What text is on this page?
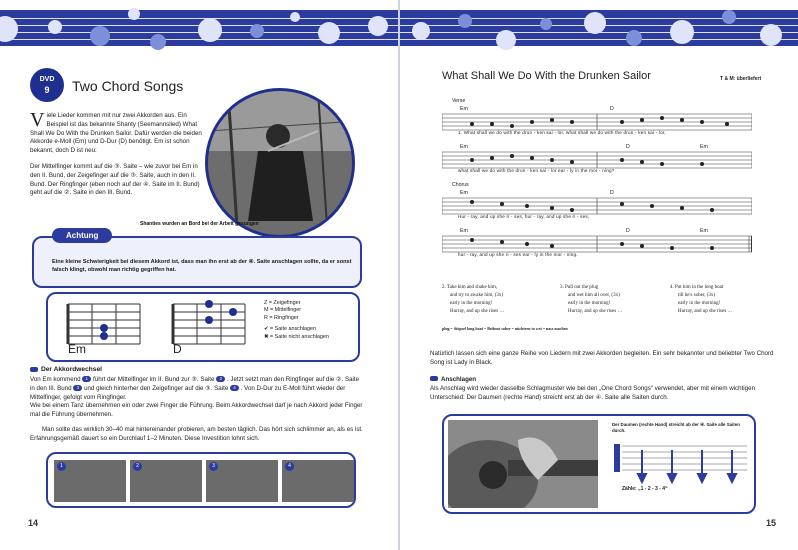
DVD
9	Two Chord Songs

Viele Lieder kommen mit nur zwei Akkorden aus. Ein Beispiel ist das bekannte Shanty (Seemannslied) What Shall We Do With the Drunken Sailor. Dafür werden die beiden Akkorde e-Moll (Em) und D-Dur (D) benötigt. Em ist schon bekannt, doch D ist neu:

Der Mittelfinger kommt auf die ③. Saite – wie zuvor bei Em in den II. Bund, der Zeigefinger auf die ③. Saite, auch in den II. Bund. Der Ringfinger (eben noch auf der ④. Saite im II. Bund) geht auf die ②. Saite in den III. Bund.

Shanties wurden an Bord bei der Arbeit gesungen
Achtung
Eine kleine Schwierigkeit bei diesem Akkord ist, dass man ihn erst ab der ④. Saite anschlagen sollte, da er sonst falsch klingt, obwohl man richtig gegriffen hat.
Em	D
Z = Zeigefinger
M = Mittelfinger
R = Ringfinger
✔ = Saite anschlagen
✖ = Saite nicht anschlagen
Der Akkordwechsel

Von Em kommend 1 führt der Mittelfinger im II. Bund zur ③. Saite 2 . Jetzt setzt man den Ringfinger auf die ②. Saite in den III. Bund 3 und gleich hinterher den Zeigefinger auf die ③. Saite 4 . Von D-Dur zu E-Moll führt wieder der Mittelfinger, gefolgt vom Ringfinger.
Wie bei einem Tanz übernehmen ein oder zwei Finger die Führung. Beim Akkordwechsel darf je nach Akkord jeder Finger mal die Führung übernehmen.

Man sollte das wirklich 30–40 mal hintereinander probieren, am besten täglich. Das hört sich schlimmer an, als es ist. Erfahrungsgemäß dauert so ein Durchlauf 1–2 Minuten. Diese Investition lohnt sich.

1	2	3	4
14
What Shall We Do With the Drunken Sailor	T & M: überliefert
Verse
Em	D
1. What shall we do with the drun - ken sai - lor, what shall we do with the drun - ken sai - lor,
Em	D	Em
what shall we do with the drun - ken sai - lor ear - ly in the mor - ning?
Chorus
Em	D
Hur - ray, and up she ri - ses, hur - ray, and up she ri - ses,
Em	D	Em
hur - ray, and up she ri - ses ear - ly in the mor - ning.
2. Take him and shake him,
and try to awake him, (3x)
early in the morning!
Hurray, and up she rises …
3. Pull out the plug
and wet him all over, (3x)
early in the morning!
Hurray, and up she rises …
4. Put him in the long boat
till he's sober, (3x)
early in the morning!
Hurray, and up she rises …
plug = Stöpsel long boat = Beiboot sober = nüchtern to wet = nass machen

Natürlich lassen sich eine ganze Reihe von Liedern mit zwei Akkorden begleiten. Ein sehr bekannter und beliebter Two Chord Song ist Lady in Black.

Anschlagen

Als Anschlag wird wieder dasselbe Schlagmuster wie bei den „One Chord Songs“ verwendet, aber mit einem wichtigen Unterschied: Der Daumen (rechte Hand) streicht erst ab der ④. Saite alle Saiten durch.

Der Daumen (rechte Hand) streicht ab der ④. Saite alle Saiten durch.
Zähle: „1 - 2 - 3 - 4“
15
